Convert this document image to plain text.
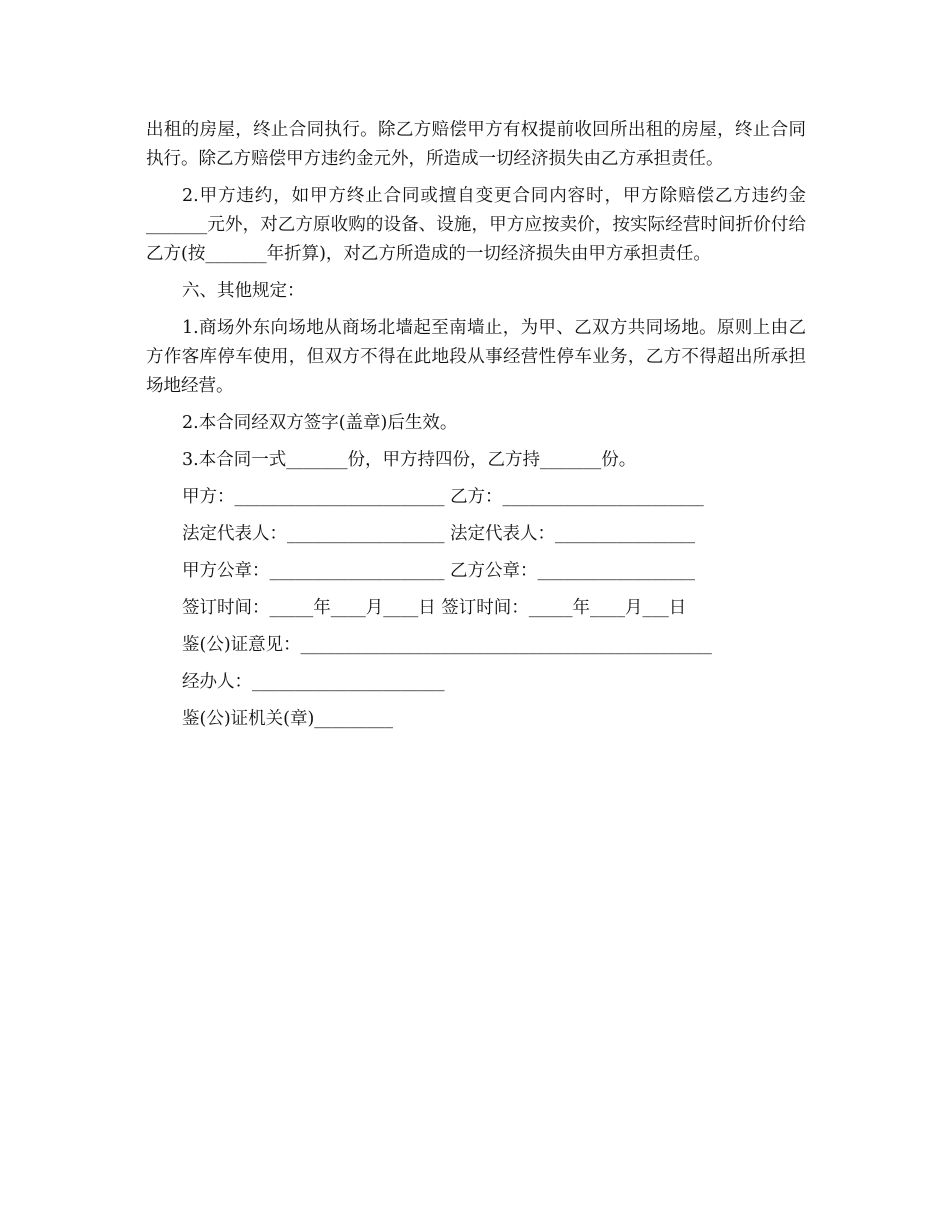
出租的房屋，终止合同执行。除乙方赔偿甲方有权提前收回所出租的房屋，终止合同执行。除乙方赔偿甲方违约金元外，所造成一切经济损失由乙方承担责任。

2.甲方违约，如甲方终止合同或擅自变更合同内容时，甲方除赔偿乙方违约金_______元外，对乙方原收购的设备、设施，甲方应按卖价，按实际经营时间折价付给乙方(按_______年折算)，对乙方所造成的一切经济损失由甲方承担责任。

六、其他规定：

1.商场外东向场地从商场北墙起至南墙止，为甲、乙双方共同场地。原则上由乙方作客库停车使用，但双方不得在此地段从事经营性停车业务，乙方不得超出所承担场地经营。

2.本合同经双方签字(盖章)后生效。

3.本合同一式_______份，甲方持四份，乙方持_______份。

甲方：________________________ 乙方：_______________________
法定代表人：__________________ 法定代表人：________________
甲方公章：____________________ 乙方公章：__________________
签订时间：_____年____月____日 签订时间：_____年____月___日
鉴(公)证意见：_______________________________________________
经办人：______________________
鉴(公)证机关(章)_________
